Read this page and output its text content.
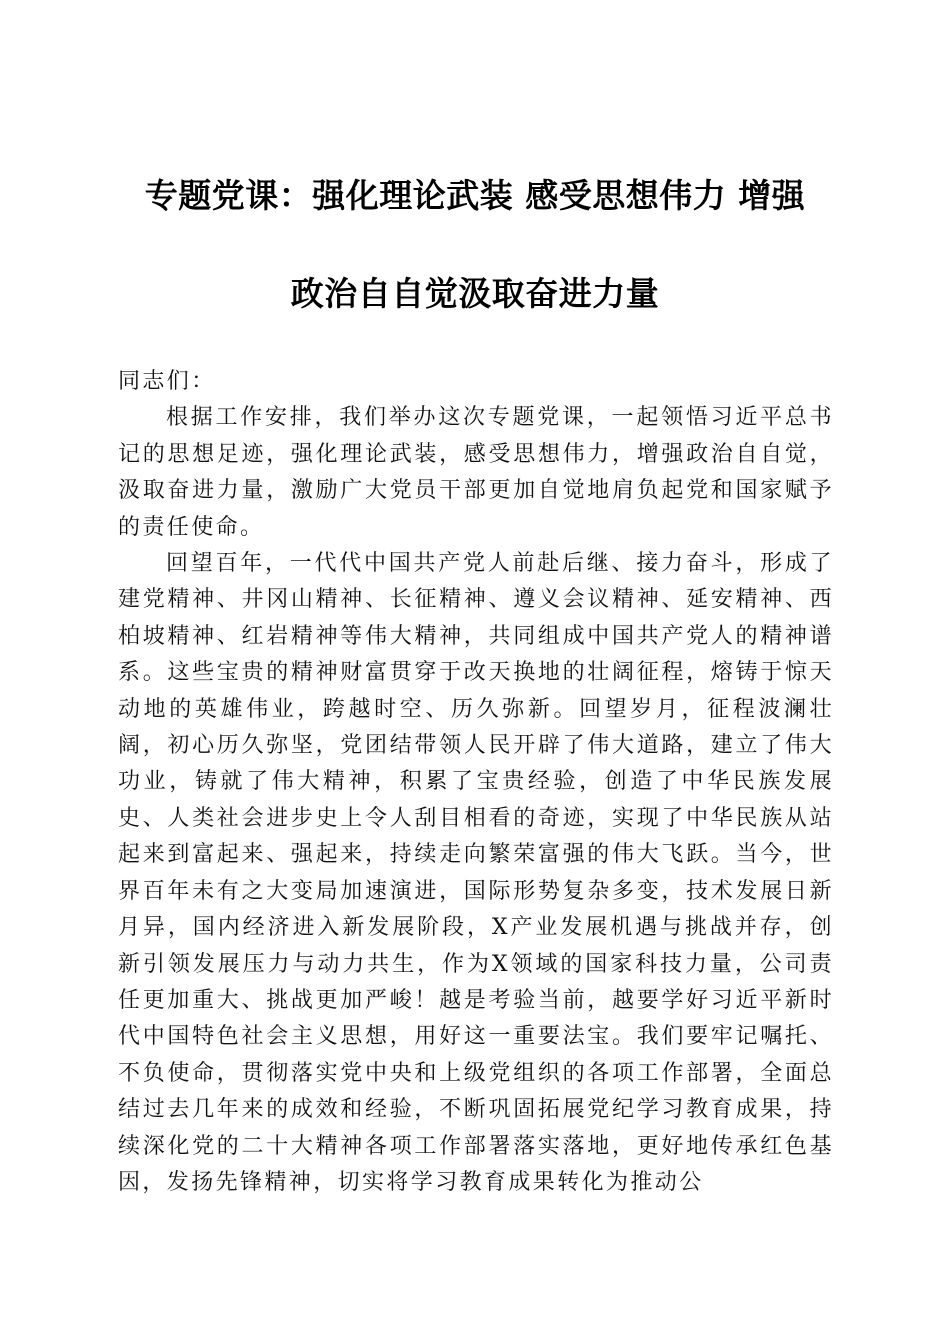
专题党课：强化理论武装 感受思想伟力 增强
政治自自觉汲取奋进力量

同志们：

根据工作安排，我们举办这次专题党课，一起领悟习近平总书记的思想足迹，强化理论武装，感受思想伟力，增强政治自自觉，汲取奋进力量，激励广大党员干部更加自觉地肩负起党和国家赋予的责任使命。

回望百年，一代代中国共产党人前赴后继、接力奋斗，形成了建党精神、井冈山精神、长征精神、遵义会议精神、延安精神、西柏坡精神、红岩精神等伟大精神，共同组成中国共产党人的精神谱系。这些宝贵的精神财富贯穿于改天换地的壮阔征程，熔铸于惊天动地的英雄伟业，跨越时空、历久弥新。回望岁月，征程波澜壮阔，初心历久弥坚，党团结带领人民开辟了伟大道路，建立了伟大功业，铸就了伟大精神，积累了宝贵经验，创造了中华民族发展史、人类社会进步史上令人刮目相看的奇迹，实现了中华民族从站起来到富起来、强起来，持续走向繁荣富强的伟大飞跃。当今，世界百年未有之大变局加速演进，国际形势复杂多变，技术发展日新月异，国内经济进入新发展阶段，X产业发展机遇与挑战并存，创新引领发展压力与动力共生，作为X领域的国家科技力量，公司责任更加重大、挑战更加严峻！越是考验当前，越要学好习近平新时代中国特色社会主义思想，用好这一重要法宝。我们要牢记嘱托、不负使命，贯彻落实党中央和上级党组织的各项工作部署，全面总结过去几年来的成效和经验，不断巩固拓展党纪学习教育成果，持续深化党的二十大精神各项工作部署落实落地，更好地传承红色基因，发扬先锋精神，切实将学习教育成果转化为推动公
